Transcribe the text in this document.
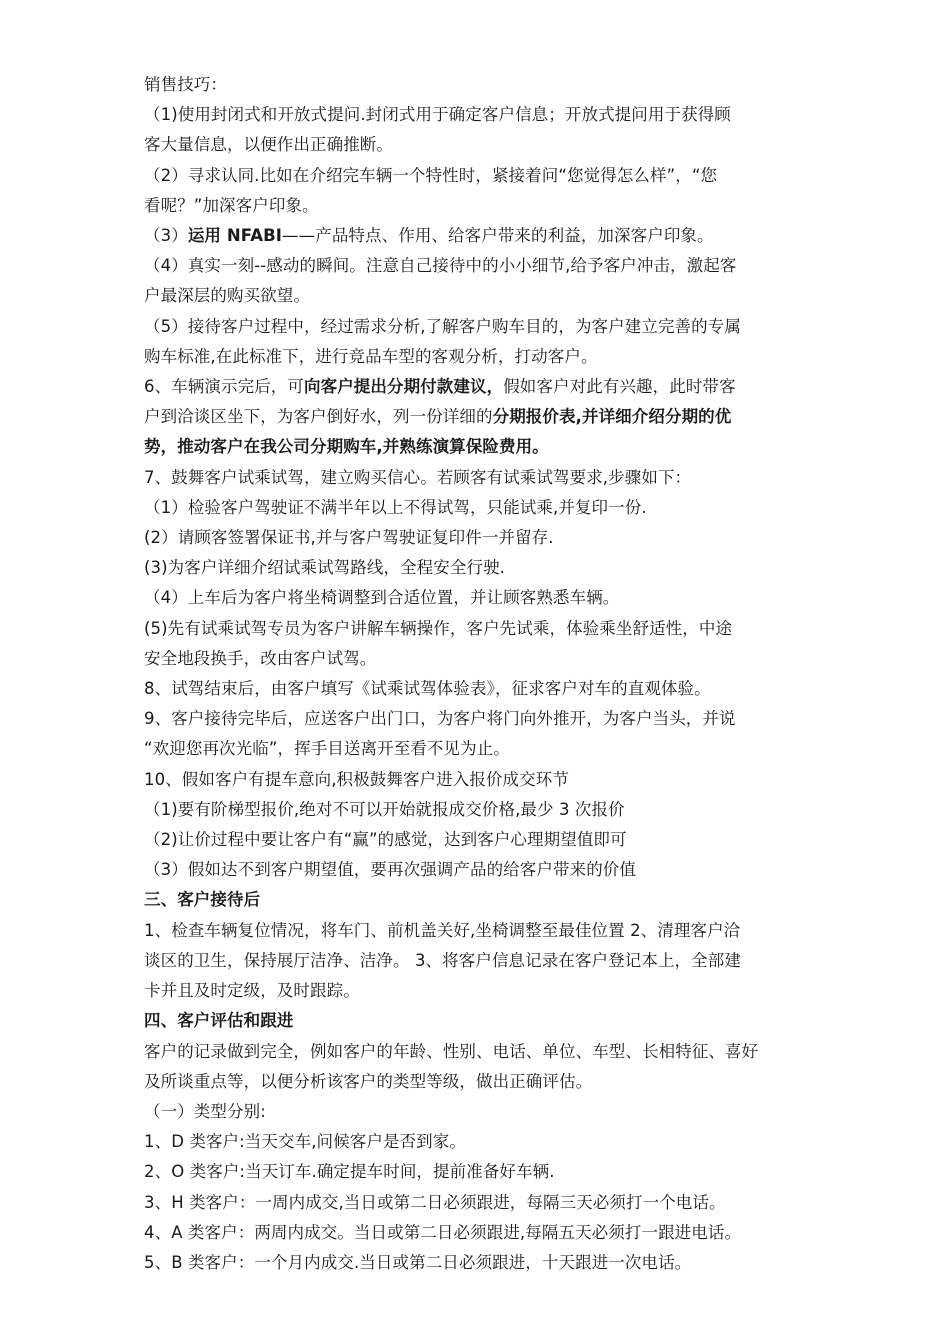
销售技巧：
（1)使用封闭式和开放式提问.封闭式用于确定客户信息；开放式提问用于获得顾
客大量信息，以便作出正确推断。
（2）寻求认同.比如在介绍完车辆一个特性时，紧接着问“您觉得怎么样”，“您
看呢？”加深客户印象。
（3）运用 NFABI——产品特点、作用、给客户带来的利益，加深客户印象。
（4）真实一刻--感动的瞬间。注意自己接待中的小小细节,给予客户冲击，激起客
户最深层的购买欲望。
（5）接待客户过程中，经过需求分析,了解客户购车目的，为客户建立完善的专属
购车标准,在此标准下，进行竞品车型的客观分析，打动客户。
6、车辆演示完后，可向客户提出分期付款建议，假如客户对此有兴趣，此时带客
户到洽谈区坐下，为客户倒好水，列一份详细的分期报价表,并详细介绍分期的优
势，推动客户在我公司分期购车,并熟练演算保险费用。
7、鼓舞客户试乘试驾，建立购买信心。若顾客有试乘试驾要求,步骤如下：
（1）检验客户驾驶证不满半年以上不得试驾，只能试乘,并复印一份.
(2）请顾客签署保证书,并与客户驾驶证复印件一并留存.
(3)为客户详细介绍试乘试驾路线，全程安全行驶.
（4）上车后为客户将坐椅调整到合适位置，并让顾客熟悉车辆。
(5)先有试乘试驾专员为客户讲解车辆操作，客户先试乘，体验乘坐舒适性，中途
安全地段换手，改由客户试驾。
8、试驾结束后，由客户填写《试乘试驾体验表》，征求客户对车的直观体验。
9、客户接待完毕后，应送客户出门口，为客户将门向外推开，为客户当头，并说
“欢迎您再次光临”，挥手目送离开至看不见为止。
10、假如客户有提车意向,积极鼓舞客户进入报价成交环节
（1)要有阶梯型报价,绝对不可以开始就报成交价格,最少 3 次报价
（2)让价过程中要让客户有“赢”的感觉，达到客户心理期望值即可
（3）假如达不到客户期望值，要再次强调产品的给客户带来的价值
三、客户接待后
1、检查车辆复位情况，将车门、前机盖关好,坐椅调整至最佳位置 2、清理客户洽
谈区的卫生，保持展厅洁净、洁净。 3、将客户信息记录在客户登记本上，全部建
卡并且及时定级，及时跟踪。
四、客户评估和跟进
客户的记录做到完全，例如客户的年龄、性别、电话、单位、车型、长相特征、喜好
及所谈重点等，以便分析该客户的类型等级，做出正确评估。
（一）类型分别:
1、D 类客户:当天交车,问候客户是否到家。
2、O 类客户:当天订车.确定提车时间，提前准备好车辆.
3、H 类客户：一周内成交,当日或第二日必须跟进，每隔三天必须打一个电话。
4、A 类客户：两周内成交。当日或第二日必须跟进,每隔五天必须打一跟进电话。
5、B 类客户：一个月内成交.当日或第二日必须跟进，十天跟进一次电话。
